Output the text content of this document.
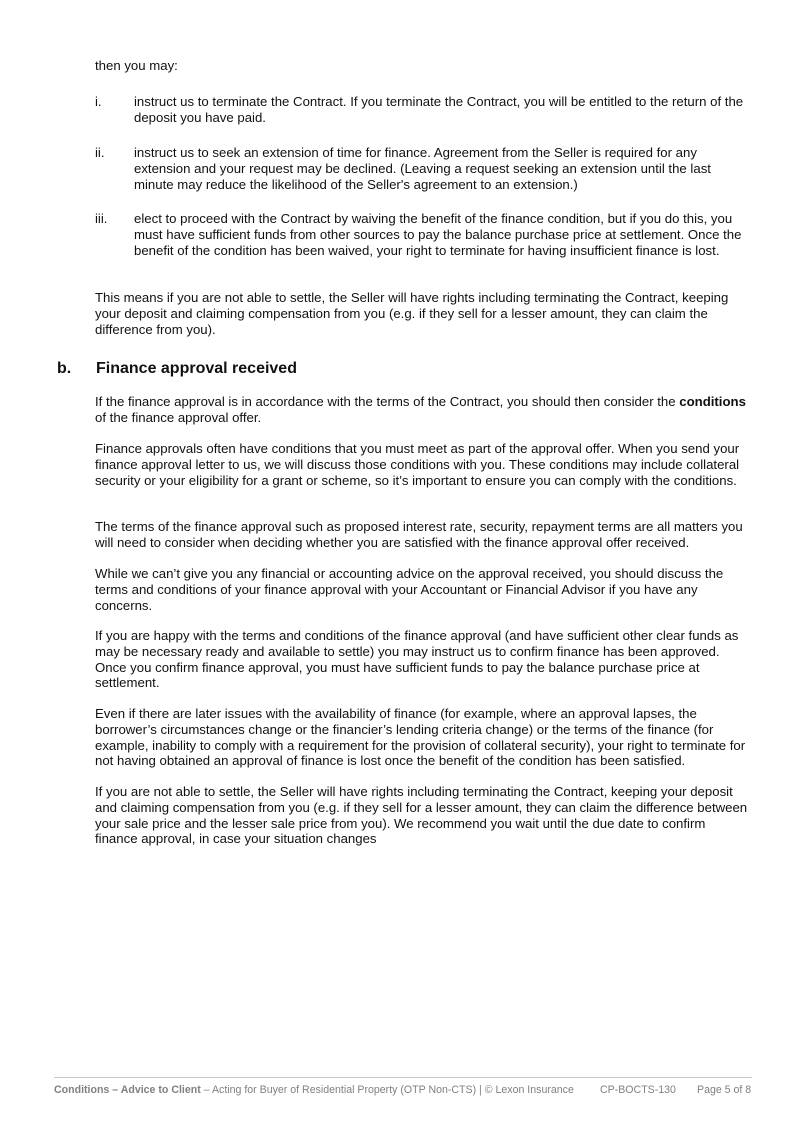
then you may:

i.	instruct us to terminate the Contract. If you terminate the Contract, you will be entitled to the return of the deposit you have paid.
ii.	instruct us to seek an extension of time for finance. Agreement from the Seller is required for any extension and your request may be declined. (Leaving a request seeking an extension until the last minute may reduce the likelihood of the Seller's agreement to an extension.)
iii.	elect to proceed with the Contract by waiving the benefit of the finance condition, but if you do this, you must have sufficient funds from other sources to pay the balance purchase price at settlement. Once the benefit of the condition has been waived, your right to terminate for having insufficient finance is lost.

This means if you are not able to settle, the Seller will have rights including terminating the Contract, keeping your deposit and claiming compensation from you (e.g. if they sell for a lesser amount, they can claim the difference from you).

b.	Finance approval received

If the finance approval is in accordance with the terms of the Contract, you should then consider the conditions of the finance approval offer.

Finance approvals often have conditions that you must meet as part of the approval offer. When you send your finance approval letter to us, we will discuss those conditions with you. These conditions may include collateral security or your eligibility for a grant or scheme, so it’s important to ensure you can comply with the conditions.

The terms of the finance approval such as proposed interest rate, security, repayment terms are all matters you will need to consider when deciding whether you are satisfied with the finance approval offer received.

While we can’t give you any financial or accounting advice on the approval received, you should discuss the terms and conditions of your finance approval with your Accountant or Financial Advisor if you have any concerns.

If you are happy with the terms and conditions of the finance approval (and have sufficient other clear funds as may be necessary ready and available to settle) you may instruct us to confirm finance has been approved. Once you confirm finance approval, you must have sufficient funds to pay the balance purchase price at settlement.

Even if there are later issues with the availability of finance (for example, where an approval lapses, the borrower’s circumstances change or the financier’s lending criteria change) or the terms of the finance (for example, inability to comply with a requirement for the provision of collateral security), your right to terminate for not having obtained an approval of finance is lost once the benefit of the condition has been satisfied.

If you are not able to settle, the Seller will have rights including terminating the Contract, keeping your deposit and claiming compensation from you (e.g. if they sell for a lesser amount, they can claim the difference between your sale price and the lesser sale price from you). We recommend you wait until the due date to confirm finance approval, in case your situation changes

Conditions – Advice to Client – Acting for Buyer of Residential Property (OTP Non-CTS) | © Lexon Insurance CP-BOCTS-130 Page 5 of 8
